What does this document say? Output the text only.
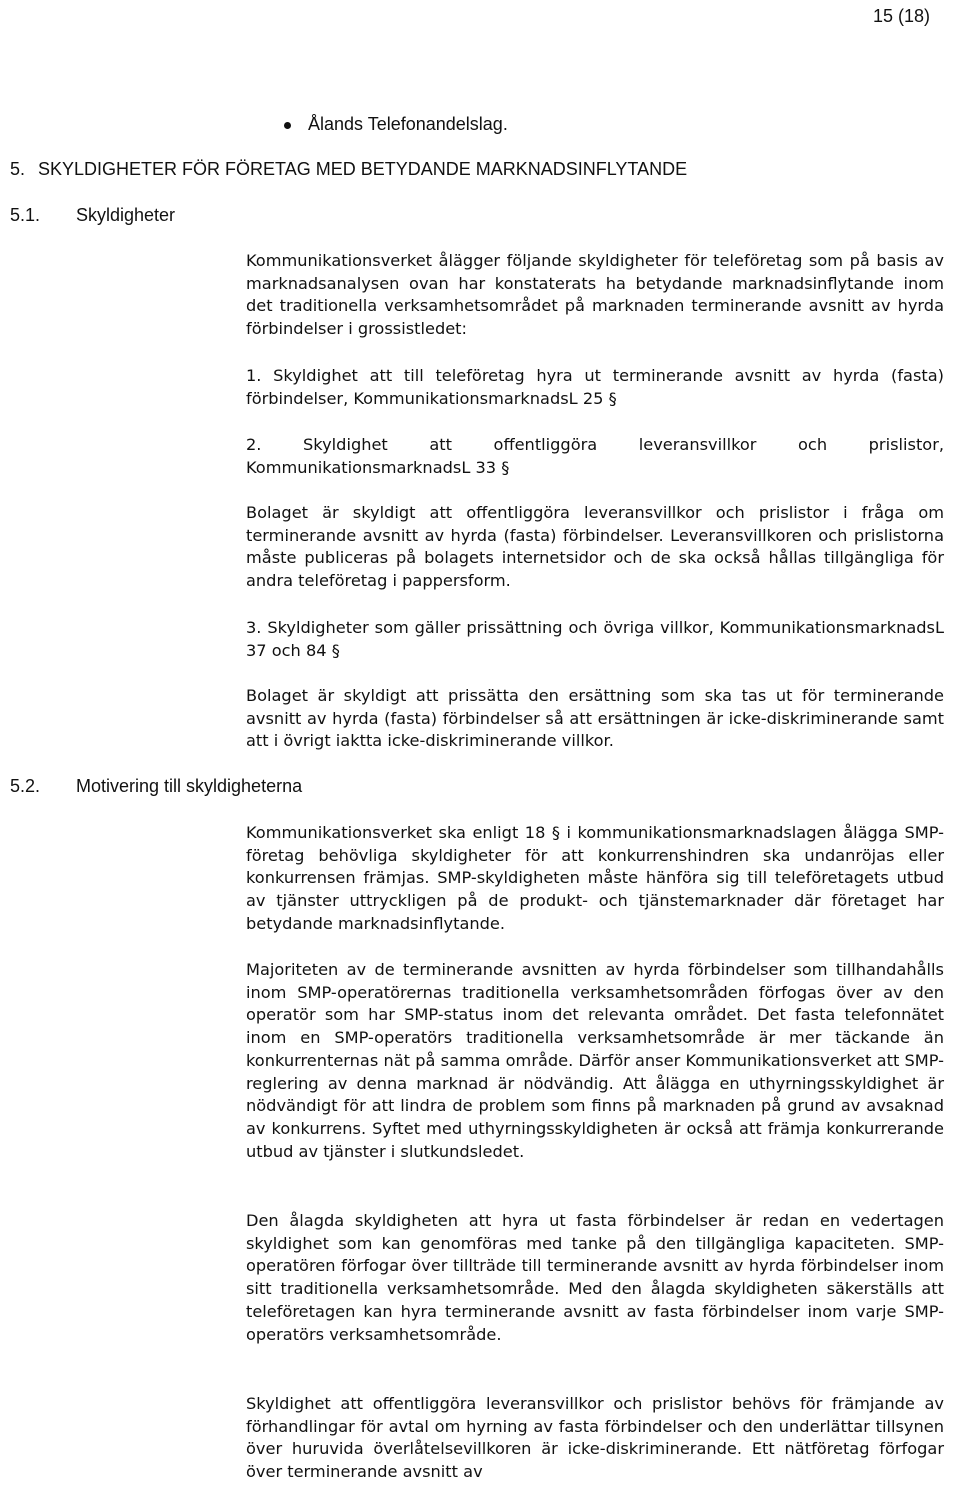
15 (18)
Ålands Telefonandelslag.
5. SKYLDIGHETER FÖR FÖRETAG MED BETYDANDE MARKNADSINFLYTANDE
5.1. Skyldigheter

Kommunikationsverket ålägger följande skyldigheter för teleföretag som på basis av marknadsanalysen ovan har konstaterats ha betydande marknadsinflytande inom det traditionella verksamhetsområdet på marknaden terminerande avsnitt av hyrda förbindelser i grossistledet:

1. Skyldighet att till teleföretag hyra ut terminerande avsnitt av hyrda (fasta) förbindelser, KommunikationsmarknadsL 25 §

2. Skyldighet att offentliggöra leveransvillkor och prislistor, KommunikationsmarknadsL 33 §

Bolaget är skyldigt att offentliggöra leveransvillkor och prislistor i fråga om terminerande avsnitt av hyrda (fasta) förbindelser. Leveransvillkoren och prislistorna måste publiceras på bolagets internetsidor och de ska också hållas tillgängliga för andra teleföretag i pappersform.

3. Skyldigheter som gäller prissättning och övriga villkor, KommunikationsmarknadsL 37 och 84 §

Bolaget är skyldigt att prissätta den ersättning som ska tas ut för terminerande avsnitt av hyrda (fasta) förbindelser så att ersättningen är icke-diskriminerande samt att i övrigt iaktta icke-diskriminerande villkor.

5.2. Motivering till skyldigheterna

Kommunikationsverket ska enligt 18 § i kommunikationsmarknadslagen ålägga SMP-företag behövliga skyldigheter för att konkurrenshindren ska undanröjas eller konkurrensen främjas. SMP-skyldigheten måste hänföra sig till teleföretagets utbud av tjänster uttryckligen på de produkt- och tjänstemarknader där företaget har betydande marknadsinflytande.

Majoriteten av de terminerande avsnitten av hyrda förbindelser som tillhandahålls inom SMP-operatörernas traditionella verksamhetsområden förfogas över av den operatör som har SMP-status inom det relevanta området. Det fasta telefonnätet inom en SMP-operatörs traditionella verksamhetsområde är mer täckande än konkurrenternas nät på samma område. Därför anser Kommunikationsverket att SMP-reglering av denna marknad är nödvändig. Att ålägga en uthyrningsskyldighet är nödvändigt för att lindra de problem som finns på marknaden på grund av avsaknad av konkurrens. Syftet med uthyrningsskyldigheten är också att främja konkurrerande utbud av tjänster i slutkundsledet.

Den ålagda skyldigheten att hyra ut fasta förbindelser är redan en vedertagen skyldighet som kan genomföras med tanke på den tillgängliga kapaciteten. SMP-operatören förfogar över tillträde till terminerande avsnitt av hyrda förbindelser inom sitt traditionella verksamhetsområde. Med den ålagda skyldigheten säkerställs att teleföretagen kan hyra terminerande avsnitt av fasta förbindelser inom varje SMP-operatörs verksamhetsområde.

Skyldighet att offentliggöra leveransvillkor och prislistor behövs för främjande av förhandlingar för avtal om hyrning av fasta förbindelser och den underlättar tillsynen över huruvida överlåtelsevillkoren är icke-diskriminerande. Ett nätföretag förfogar över terminerande avsnitt av
